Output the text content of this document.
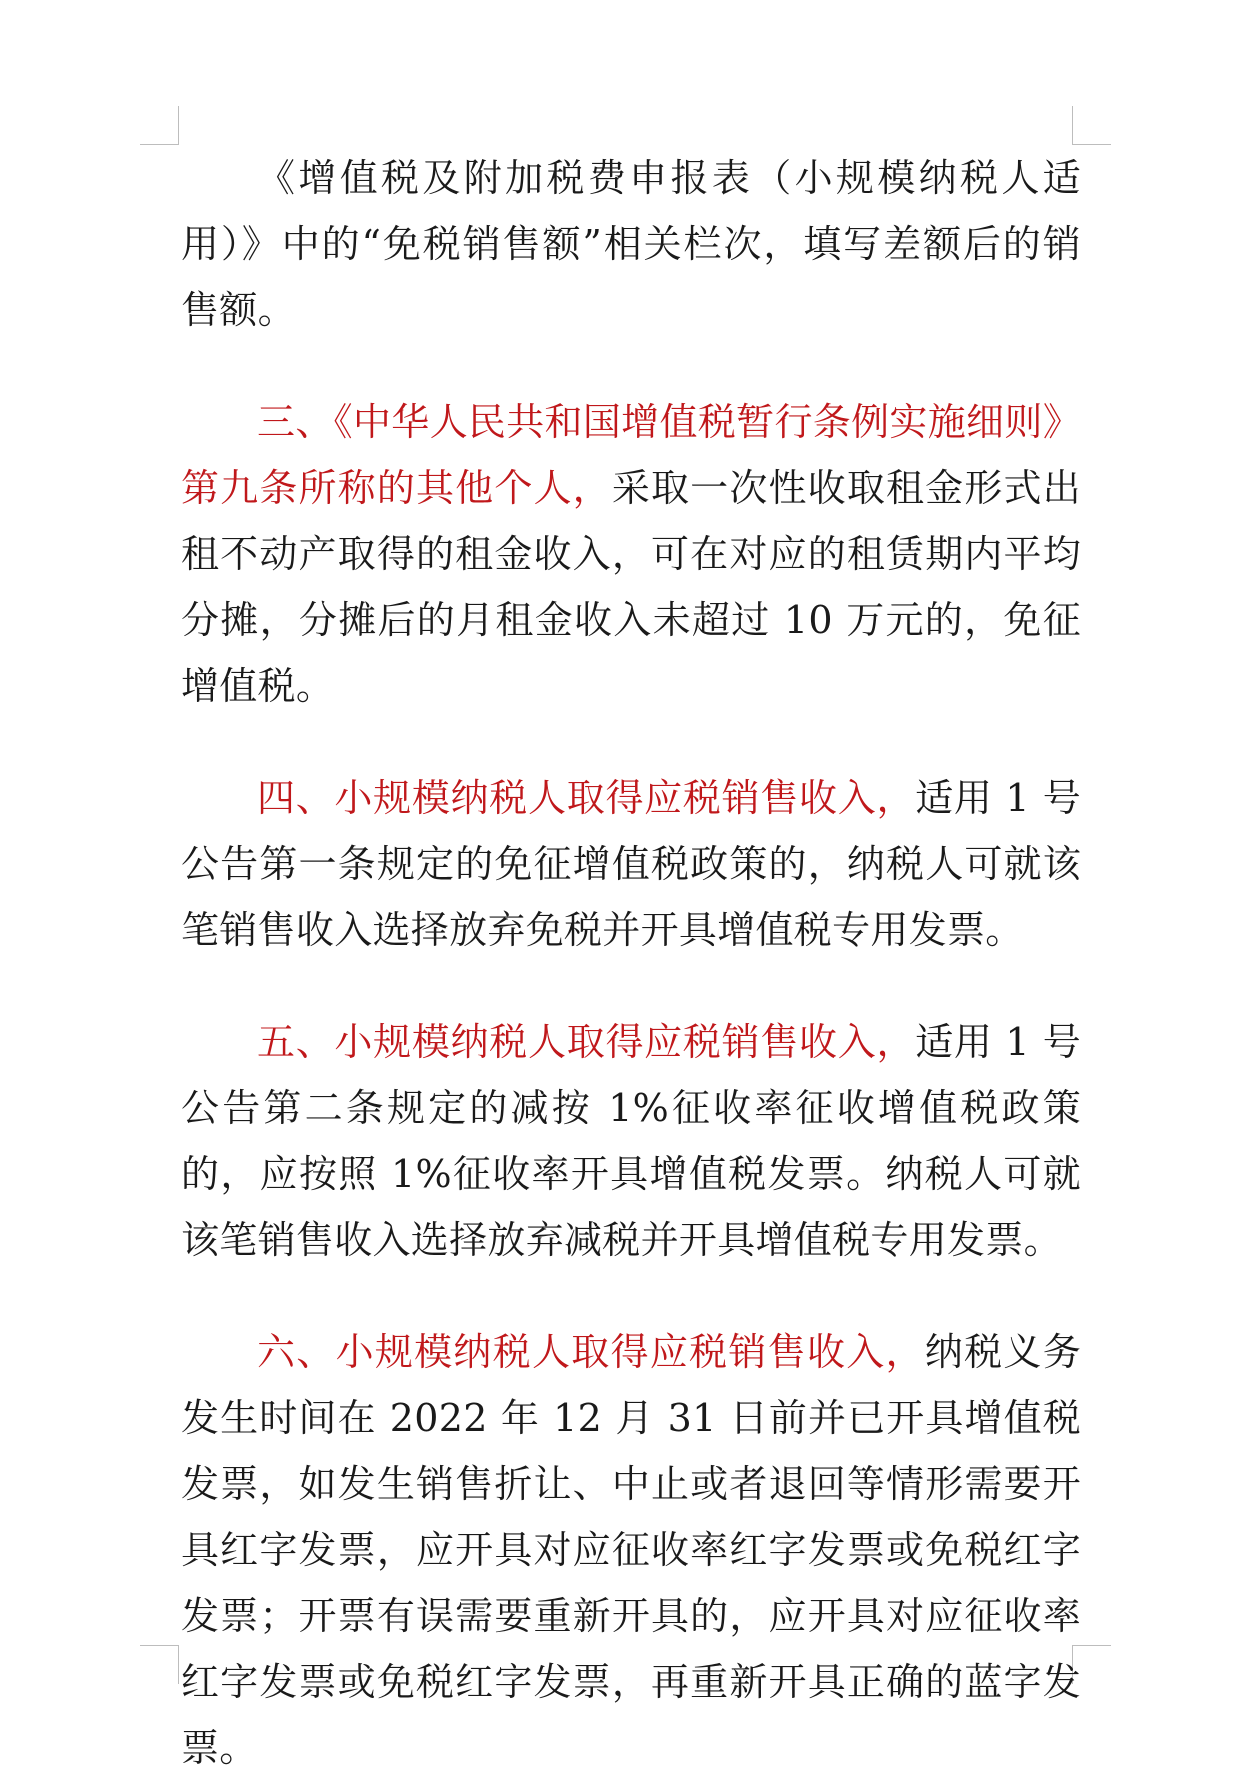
《增值税及附加税费申报表（小规模纳税人适用）》中的“免税销售额”相关栏次，填写差额后的销售额。

三、《中华人民共和国增值税暂行条例实施细则》第九条所称的其他个人，采取一次性收取租金形式出租不动产取得的租金收入，可在对应的租赁期内平均分摊，分摊后的月租金收入未超过 10 万元的，免征增值税。

四、小规模纳税人取得应税销售收入，适用 1 号公告第一条规定的免征增值税政策的，纳税人可就该笔销售收入选择放弃免税并开具增值税专用发票。

五、小规模纳税人取得应税销售收入，适用 1 号公告第二条规定的减按 1%征收率征收增值税政策的，应按照 1%征收率开具增值税发票。纳税人可就该笔销售收入选择放弃减税并开具增值税专用发票。

六、小规模纳税人取得应税销售收入，纳税义务发生时间在 2022 年 12 月 31 日前并已开具增值税发票，如发生销售折让、中止或者退回等情形需要开具红字发票，应开具对应征收率红字发票或免税红字发票；开票有误需要重新开具的，应开具对应征收率红字发票或免税红字发票，再重新开具正确的蓝字发票。
